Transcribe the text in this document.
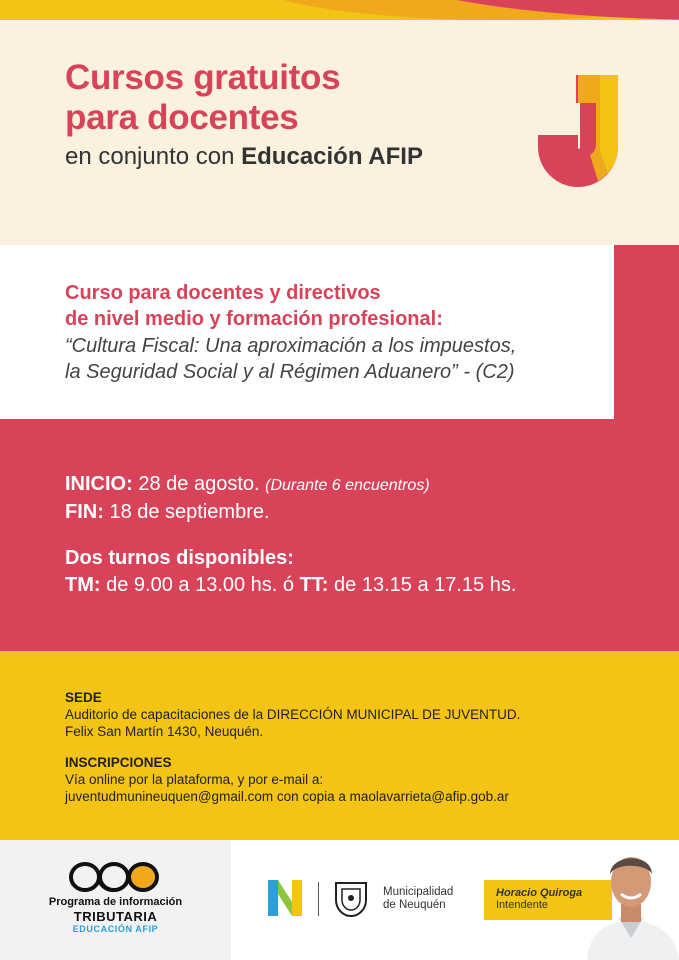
Cursos gratuitos
para docentes
en conjunto con Educación AFIP
INICIO: 28 de agosto. (Durante 6 encuentros)
FIN: 18 de septiembre.
Dos turnos disponibles:
TM: de 9.00 a 13.00 hs. ó TT: de 13.15 a 17.15 hs.
Curso para docentes y directivos
de nivel medio y formación profesional:
“Cultura Fiscal: Una aproximación a los impuestos,
la Seguridad Social y al Régimen Aduanero” - (C2)
SEDE
Auditorio de capacitaciones de la DIRECCIÓN MUNICIPAL DE JUVENTUD.
Felix San Martín 1430, Neuquén.
INSCRIPCIONES
Vía online por la plataforma, y por e-mail a:
juventudmunineuquen@gmail.com con copia a maolavarrieta@afip.gob.ar
Programa de información
TRIBUTARIA
EDUCACIÓN AFIP
Municipalidad
de Neuquén
Horacio Quiroga
Intendente
